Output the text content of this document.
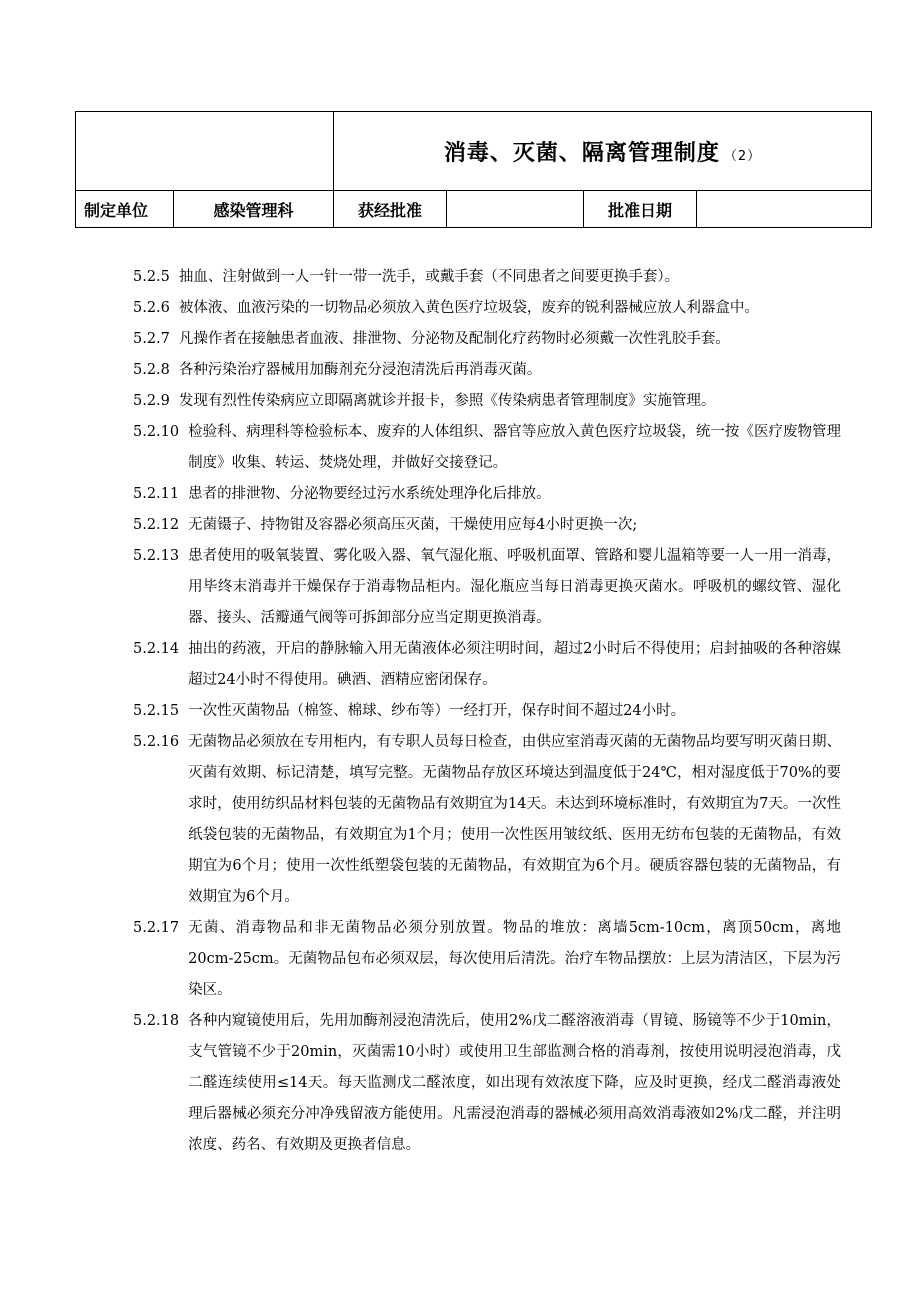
		消毒、灭菌、隔离管理制度 （2）			
制定单位	感染管理科	获经批准		批准日期	
5.2.5 抽血、注射做到一人一针一带一洗手，或戴手套（不同患者之间要更换手套）。
5.2.6 被体液、血液污染的一切物品必须放入黄色医疗垃圾袋，废弃的锐利器械应放人利器盒中。
5.2.7 凡操作者在接触患者血液、排泄物、分泌物及配制化疗药物时必须戴一次性乳胶手套。
5.2.8 各种污染治疗器械用加酶剂充分浸泡清洗后再消毒灭菌。
5.2.9 发现有烈性传染病应立即隔离就诊并报卡，参照《传染病患者管理制度》实施管理。
5.2.10 检验科、病理科等检验标本、废弃的人体组织、器官等应放入黄色医疗垃圾袋，统一按《医疗废物管理制度》收集、转运、焚烧处理，并做好交接登记。
5.2.11 患者的排泄物、分泌物要经过污水系统处理净化后排放。
5.2.12 无菌镊子、持物钳及容器必须高压灭菌，干燥使用应每4小时更换一次;
5.2.13 患者使用的吸氧装置、雾化吸入器、氧气湿化瓶、呼吸机面罩、管路和婴儿温箱等要一人一用一消毒，用毕终末消毒并干燥保存于消毒物品柜内。湿化瓶应当每日消毒更换灭菌水。呼吸机的螺纹管、湿化器、接头、活瓣通气阀等可拆卸部分应当定期更换消毒。
5.2.14 抽出的药液，开启的静脉输入用无菌液体必须注明时间，超过2小时后不得使用；启封抽吸的各种溶媒超过24小时不得使用。碘酒、酒精应密闭保存。
5.2.15 一次性灭菌物品（棉签、棉球、纱布等）一经打开，保存时间不超过24小时。
5.2.16 无菌物品必须放在专用柜内，有专职人员每日检查，由供应室消毒灭菌的无菌物品均要写明灭菌日期、灭菌有效期、标记清楚，填写完整。无菌物品存放区环境达到温度低于24℃，相对湿度低于70%的要求时，使用纺织品材料包装的无菌物品有效期宜为14天。未达到环境标准时，有效期宜为7天。一次性纸袋包装的无菌物品，有效期宜为1个月；使用一次性医用皱纹纸、医用无纺布包装的无菌物品，有效期宜为6个月；使用一次性纸塑袋包装的无菌物品，有效期宜为6个月。硬质容器包装的无菌物品，有效期宜为6个月。
5.2.17 无菌、消毒物品和非无菌物品必须分别放置。物品的堆放：离墙5cm-10cm，离顶50cm，离地20cm-25cm。无菌物品包布必须双层，每次使用后清洗。治疗车物品摆放：上层为清洁区，下层为污染区。
5.2.18 各种内窥镜使用后，先用加酶剂浸泡清洗后，使用2%戊二醛溶液消毒（胃镜、肠镜等不少于10min，支气管镜不少于20min，灭菌需10小时）或使用卫生部监测合格的消毒剂，按使用说明浸泡消毒，戊二醛连续使用≤14天。每天监测戊二醛浓度，如出现有效浓度下降，应及时更换，经戊二醛消毒液处理后器械必须充分冲净残留液方能使用。凡需浸泡消毒的器械必须用高效消毒液如2%戊二醛，并注明浓度、药名、有效期及更换者信息。
